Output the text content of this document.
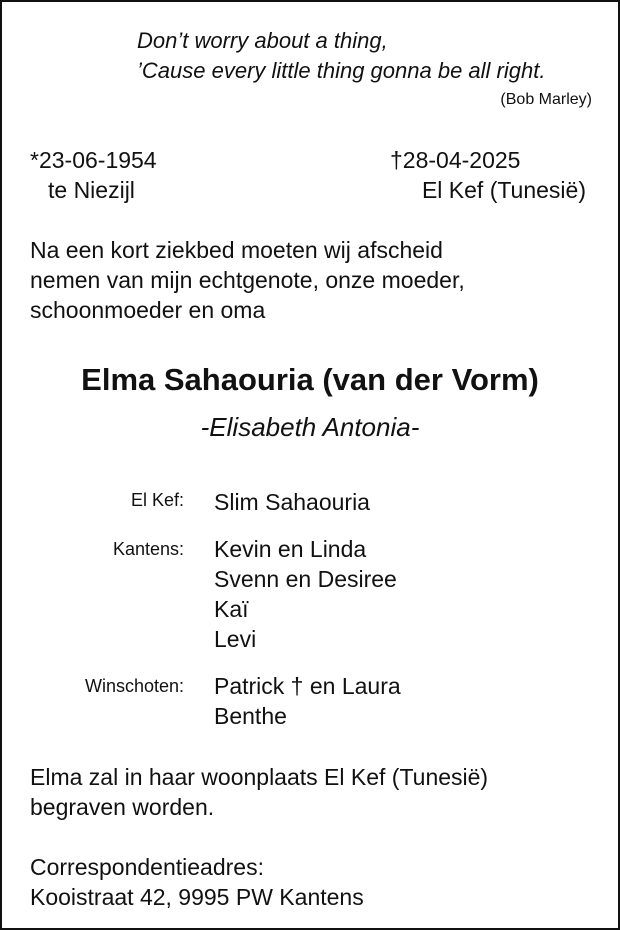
Don’t worry about a thing,
’Cause every little thing gonna be all right.
(Bob Marley)
*23-06-1954
te Niezijl
†28-04-2025
El Kef (Tunesië)
Na een kort ziekbed moeten wij afscheid
nemen van mijn echtgenote, onze moeder,
schoonmoeder en oma
Elma Sahaouria (van der Vorm)
-Elisabeth Antonia-
El Kef: Slim Sahaouria
Kantens: Kevin en Linda
Svenn en Desiree
Kaï
Levi
Winschoten: Patrick † en Laura
Benthe
Elma zal in haar woonplaats El Kef (Tunesië)
begraven worden.
Correspondentieadres:
Kooistraat 42, 9995 PW Kantens
